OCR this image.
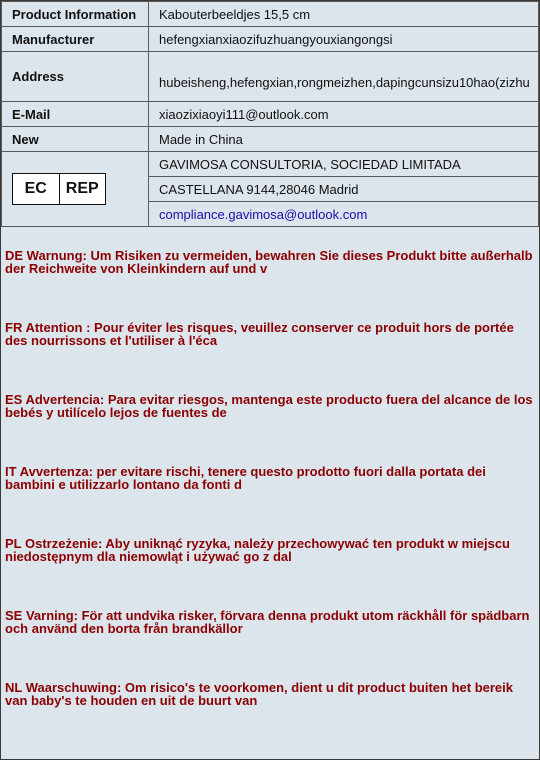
Product Information	Kabouterbeeldjes 15,5 cm
Manufacturer	hefengxianxiaozifuzhuangyouxiangongsi
Address	hubeisheng,hefengxian,rongmeizhen,dapingcunsizu10hao(zizhu
E-Mail	xiaozixiaoyi111@outlook.com
New	Made in China

EC REP	GAVIMOSA CONSULTORIA, SOCIEDAD LIMITADA
	CASTELLANA 9144,28046 Madrid
	compliance.gavimosa@outlook.com
DE Warnung: Um Risiken zu vermeiden, bewahren Sie dieses Produkt bitte außerhalb der Reichweite von Kleinkindern auf und v
FR Attention : Pour éviter les risques, veuillez conserver ce produit hors de portée des nourrissons et l'utiliser à l'éca
ES Advertencia: Para evitar riesgos, mantenga este producto fuera del alcance de los bebés y utilícelo lejos de fuentes de
IT Avvertenza: per evitare rischi, tenere questo prodotto fuori dalla portata dei bambini e utilizzarlo lontano da fonti d
PL Ostrzeżenie: Aby uniknąć ryzyka, należy przechowywać ten produkt w miejscu niedostępnym dla niemowląt i używać go z dal
SE Varning: För att undvika risker, förvara denna produkt utom räckhåll för spädbarn och använd den borta från brandkällor
NL Waarschuwing: Om risico's te voorkomen, dient u dit product buiten het bereik van baby's te houden en uit de buurt van
